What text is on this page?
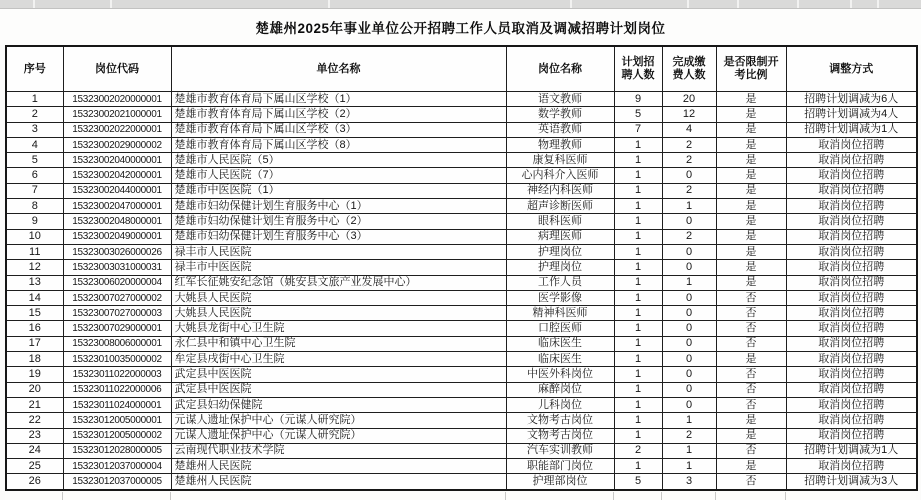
楚雄州2025年事业单位公开招聘工作人员取消及调减招聘计划岗位
序号	岗位代码	单位名称	岗位名称	计划招聘人数	完成缴费人数	是否限制开考比例	调整方式
1	15323002020000001	楚雄市教育体育局下属山区学校（1）	语文教师	9	20	是	招聘计划调减为6人
2	15323002021000001	楚雄市教育体育局下属山区学校（2）	数学教师	5	12	是	招聘计划调减为4人
3	15323002022000001	楚雄市教育体育局下属山区学校（3）	英语教师	7	4	是	招聘计划调减为1人
4	15323002029000002	楚雄市教育体育局下属山区学校（8）	物理教师	1	2	是	取消岗位招聘
5	15323002040000001	楚雄市人民医院（5）	康复科医师	1	2	是	取消岗位招聘
6	15323002042000001	楚雄市人民医院（7）	心内科介入医师	1	0	是	取消岗位招聘
7	15323002044000001	楚雄市中医医院（1）	神经内科医师	1	2	是	取消岗位招聘
8	15323002047000001	楚雄市妇幼保健计划生育服务中心（1）	超声诊断医师	1	1	是	取消岗位招聘
9	15323002048000001	楚雄市妇幼保健计划生育服务中心（2）	眼科医师	1	0	是	取消岗位招聘
10	15323002049000001	楚雄市妇幼保健计划生育服务中心（3）	病理医师	1	2	是	取消岗位招聘
11	15323003026000026	禄丰市人民医院	护理岗位	1	0	是	取消岗位招聘
12	15323003031000031	禄丰市中医医院	护理岗位	1	0	是	取消岗位招聘
13	15323006020000004	红军长征姚安纪念馆（姚安县文旅产业发展中心）	工作人员	1	1	是	取消岗位招聘
14	15323007027000002	大姚县人民医院	医学影像	1	0	否	取消岗位招聘
15	15323007027000003	大姚县人民医院	精神科医师	1	0	否	取消岗位招聘
16	15323007029000001	大姚县龙街中心卫生院	口腔医师	1	0	否	取消岗位招聘
17	15323008006000001	永仁县中和镇中心卫生院	临床医生	1	0	否	取消岗位招聘
18	15323010035000002	牟定县戌街中心卫生院	临床医生	1	0	是	取消岗位招聘
19	15323011022000003	武定县中医医院	中医外科岗位	1	0	否	取消岗位招聘
20	15323011022000006	武定县中医医院	麻醉岗位	1	0	否	取消岗位招聘
21	15323011024000001	武定县妇幼保健院	儿科岗位	1	0	否	取消岗位招聘
22	15323012005000001	元谋人遗址保护中心（元谋人研究院）	文物考古岗位	1	1	是	取消岗位招聘
23	15323012005000002	元谋人遗址保护中心（元谋人研究院）	文物考古岗位	1	2	是	取消岗位招聘
24	15323012028000005	云南现代职业技术学院	汽车实训教师	2	1	否	招聘计划调减为1人
25	15323012037000004	楚雄州人民医院	职能部门岗位	1	1	是	取消岗位招聘
26	15323012037000005	楚雄州人民医院	护理部岗位	5	3	否	招聘计划调减为3人
